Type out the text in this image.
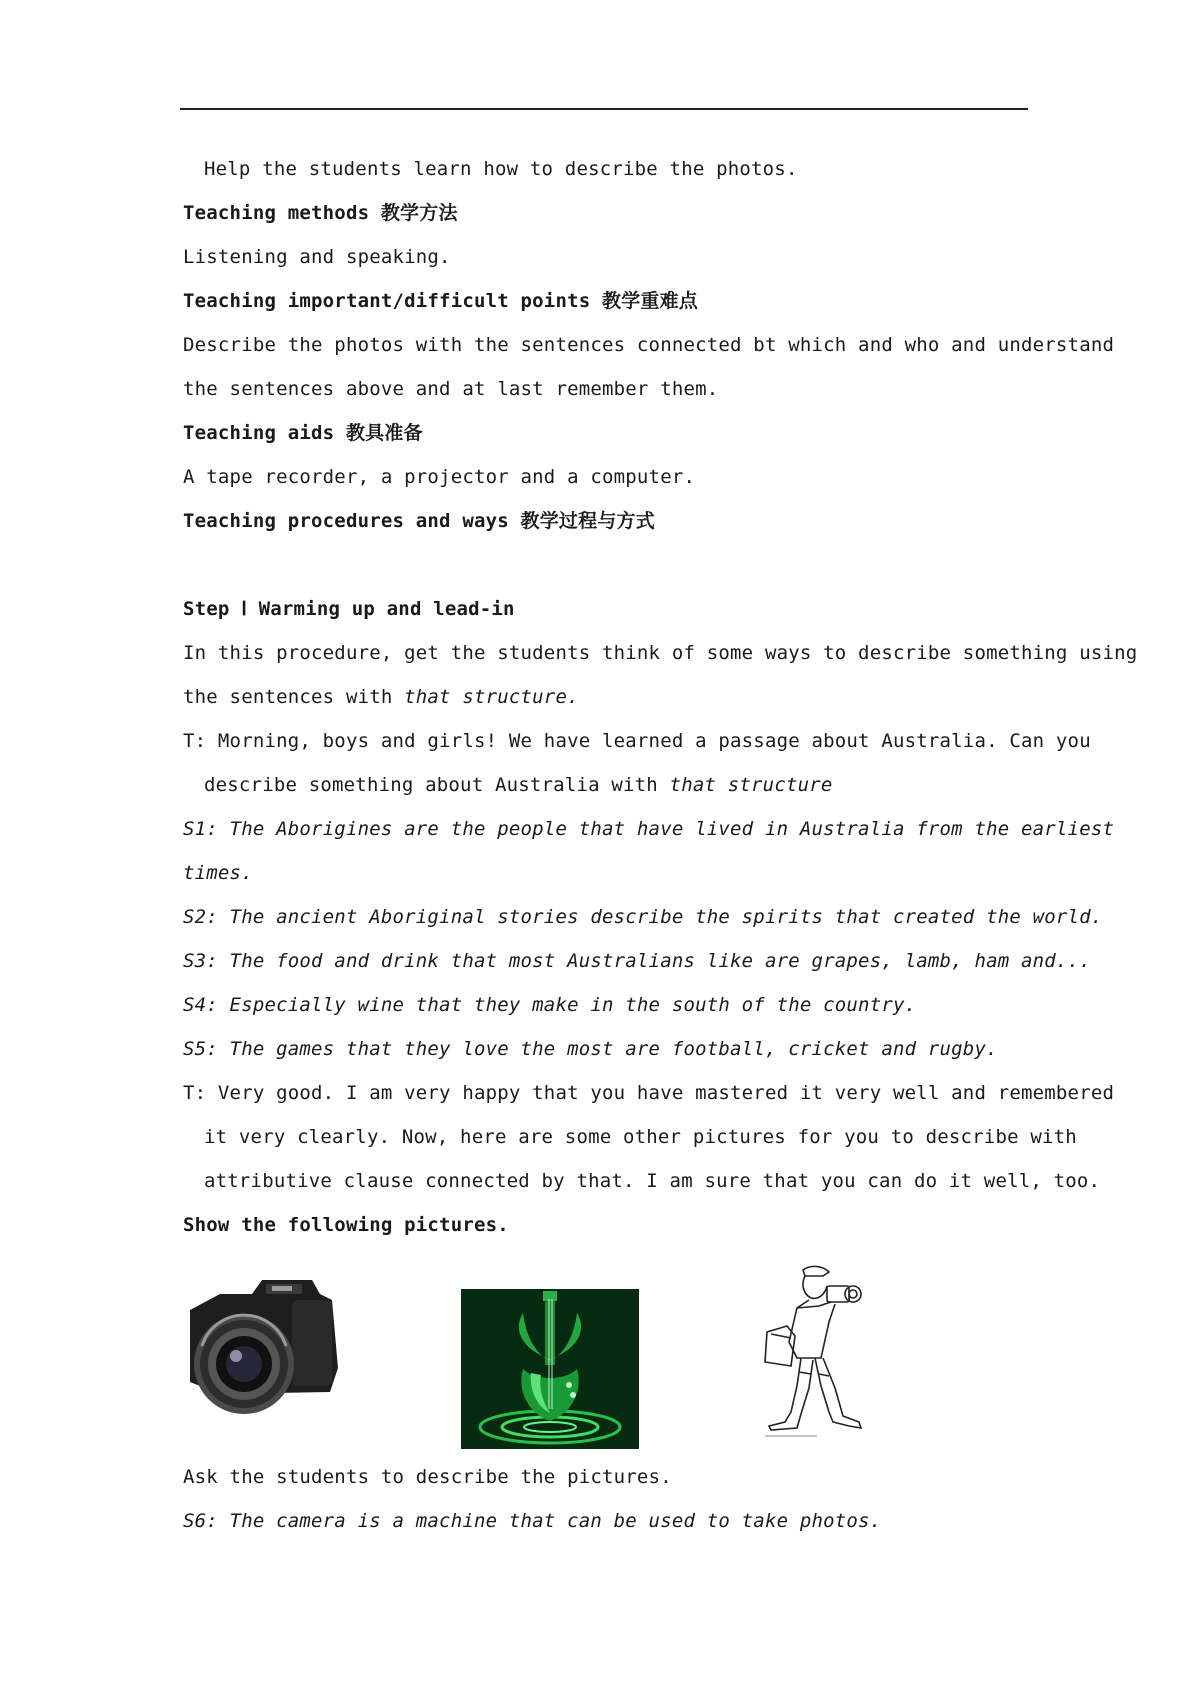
Help the students learn how to describe the photos.
Teaching methods 教学方法
Listening and speaking.
Teaching important/difficult points 教学重难点
Describe the photos with the sentences connected bt which and who and understand
the sentences above and at last remember them.
Teaching aids 教具准备
A tape recorder, a projector and a computer.
Teaching procedures and ways 教学过程与方式
Step Ⅰ Warming up and lead-in
In this procedure, get the students think of some ways to describe something using
the sentences with that structure.
T: Morning, boys and girls! We have learned a passage about Australia. Can you
describe something about Australia with that structure
S1: The Aborigines are the people that have lived in Australia from the earliest
times.
S2: The ancient Aboriginal stories describe the spirits that created the world.
S3: The food and drink that most Australians like are grapes, lamb, ham and...
S4: Especially wine that they make in the south of the country.
S5: The games that they love the most are football, cricket and rugby.
T: Very good. I am very happy that you have mastered it very well and remembered
it very clearly. Now, here are some other pictures for you to describe with
attributive clause connected by that. I am sure that you can do it well, too.
Show the following pictures.
Ask the students to describe the pictures.
S6: The camera is a machine that can be used to take photos.
